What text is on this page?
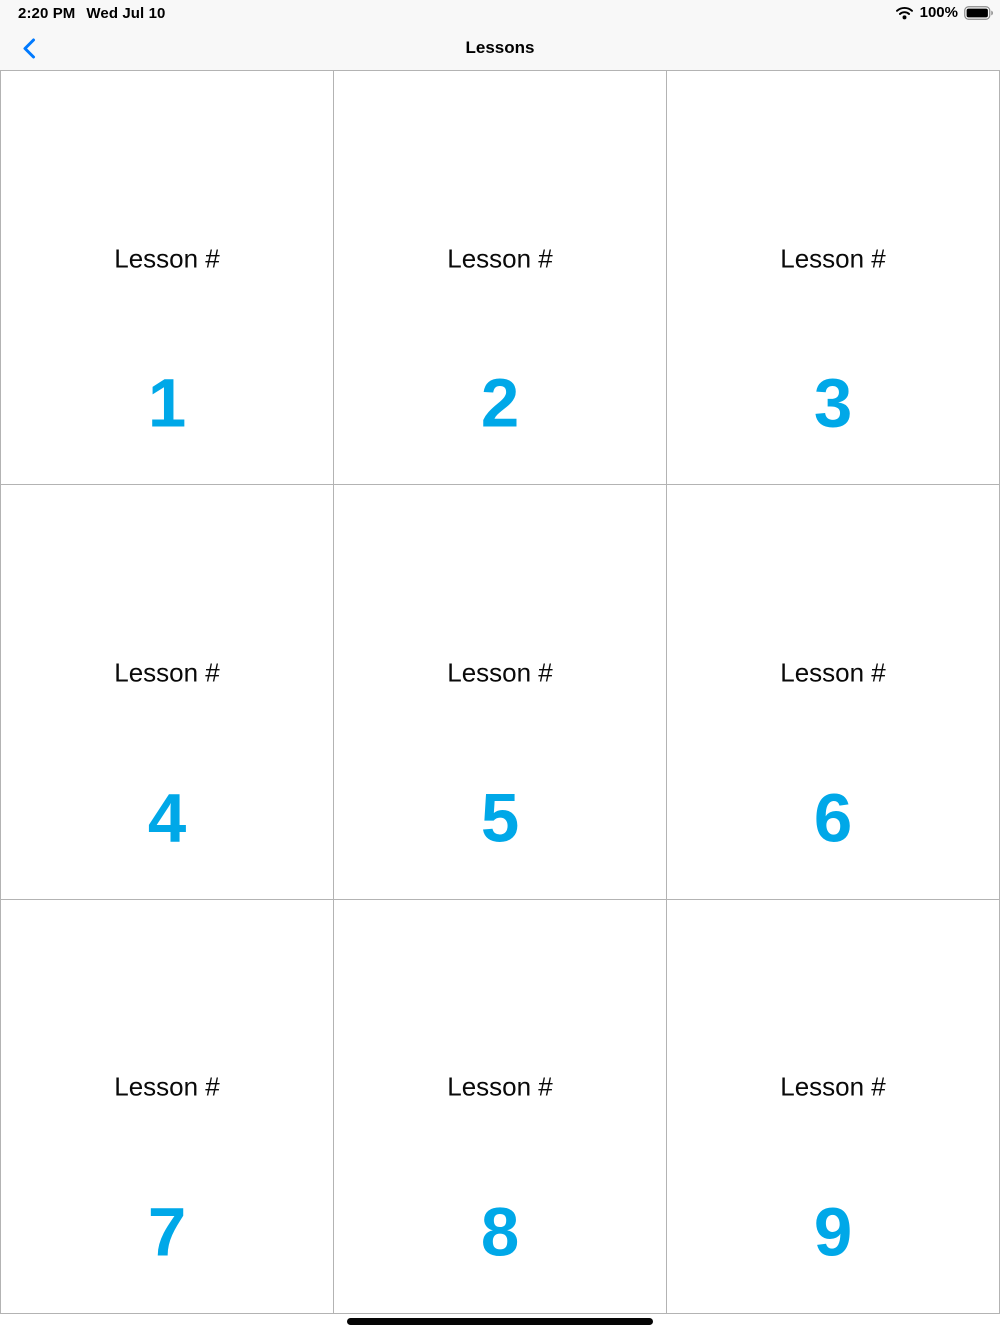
2:20 PM Wed Jul 10	100%
Lessons
Lesson #
1
Lesson #
2
Lesson #
3
Lesson #
4
Lesson #
5
Lesson #
6
Lesson #
7
Lesson #
8
Lesson #
9
